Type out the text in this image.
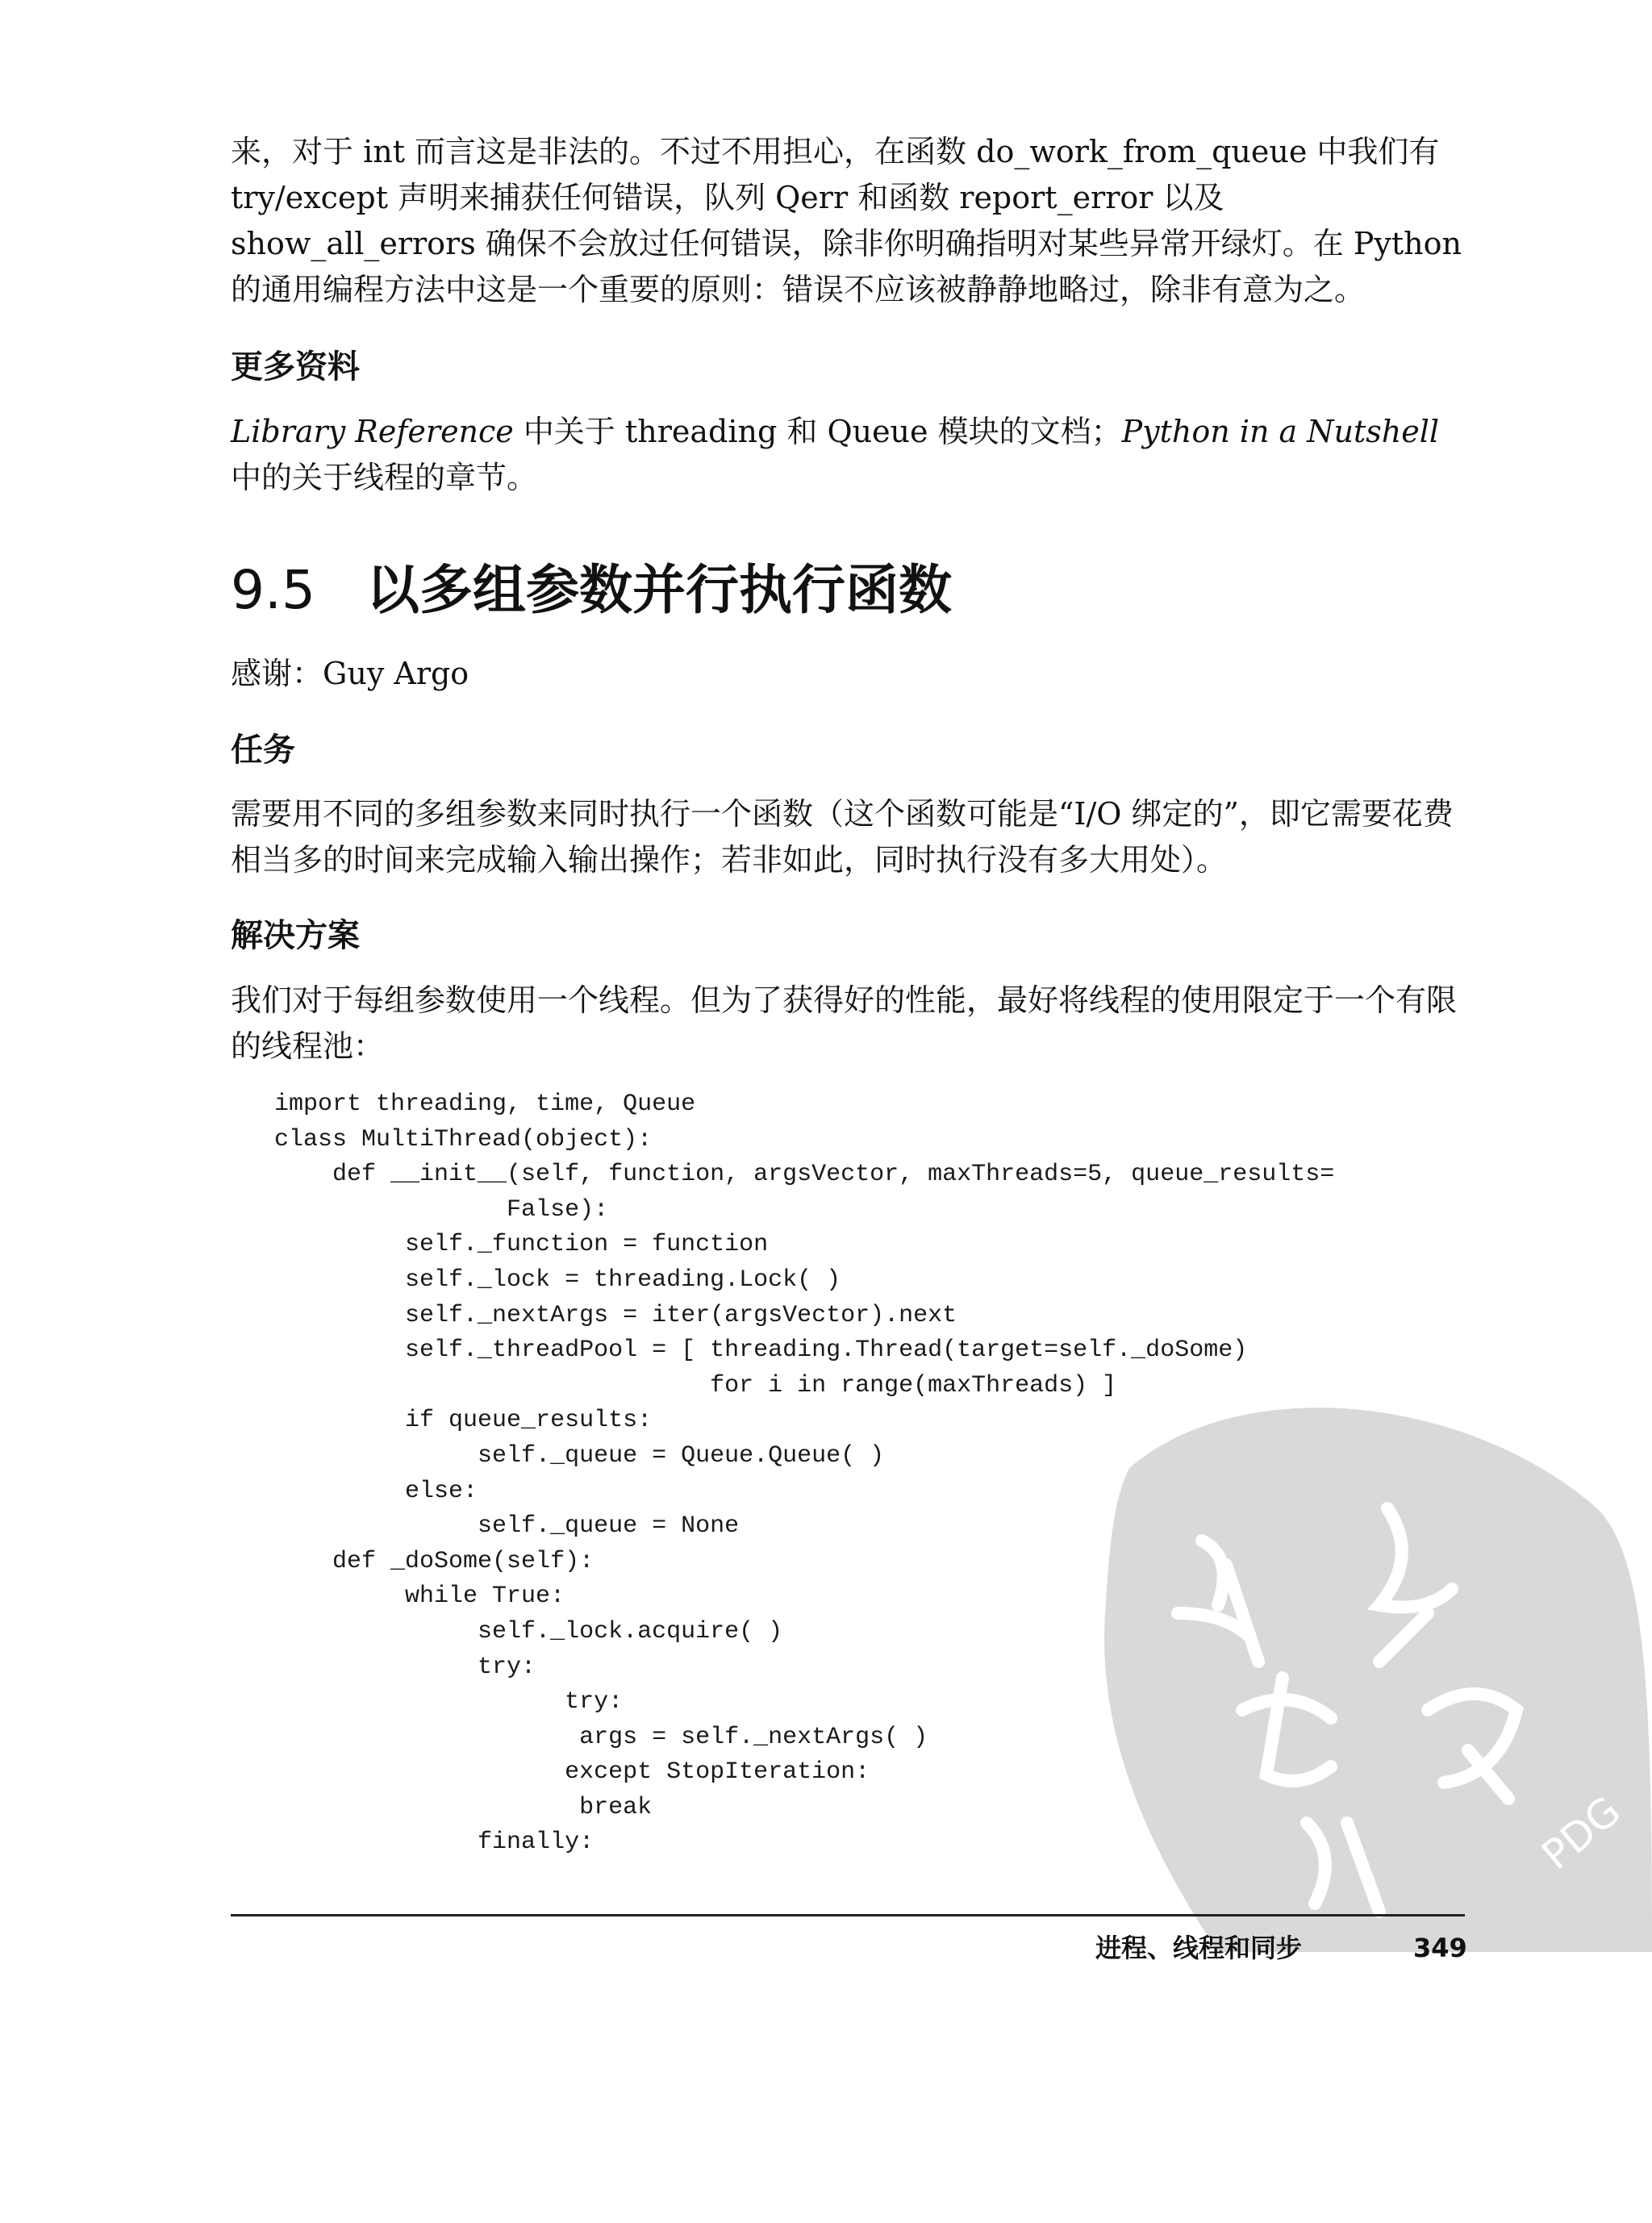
来，对于 int 而言这是非法的。不过不用担心，在函数 do_work_from_queue 中我们有try/except 声明来捕获任何错误，队列 Qerr 和函数 report_error 以及 show_all_errors 确保不会放过任何错误，除非你明确指明对某些异常开绿灯。在 Python 的通用编程方法中这是一个重要的原则：错误不应该被静静地略过，除非有意为之。

更多资料

Library Reference 中关于 threading 和 Queue 模块的文档；Python in a Nutshell 中的关于线程的章节。

9.5 以多组参数并行执行函数

感谢：Guy Argo

任务

需要用不同的多组参数来同时执行一个函数（这个函数可能是“I/O 绑定的”，即它需要花费相当多的时间来完成输入输出操作；若非如此，同时执行没有多大用处）。

解决方案

我们对于每组参数使用一个线程。但为了获得好的性能，最好将线程的使用限定于一个有限的线程池：

import threading, time, Queue
class MultiThread(object):
def __init__(self, function, argsVector, maxThreads=5, queue_results=
False):
self._function = function
self._lock = threading.Lock( )
self._nextArgs = iter(argsVector).next
self._threadPool = [ threading.Thread(target=self._doSome)
for i in range(maxThreads) ]
if queue_results:
self._queue = Queue.Queue( )
else:
self._queue = None
def _doSome(self):
while True:
self._lock.acquire( )
try:
try:
args = self._nextArgs( )
except StopIteration:
break
finally:	PDG
进程、线程和同步	349
